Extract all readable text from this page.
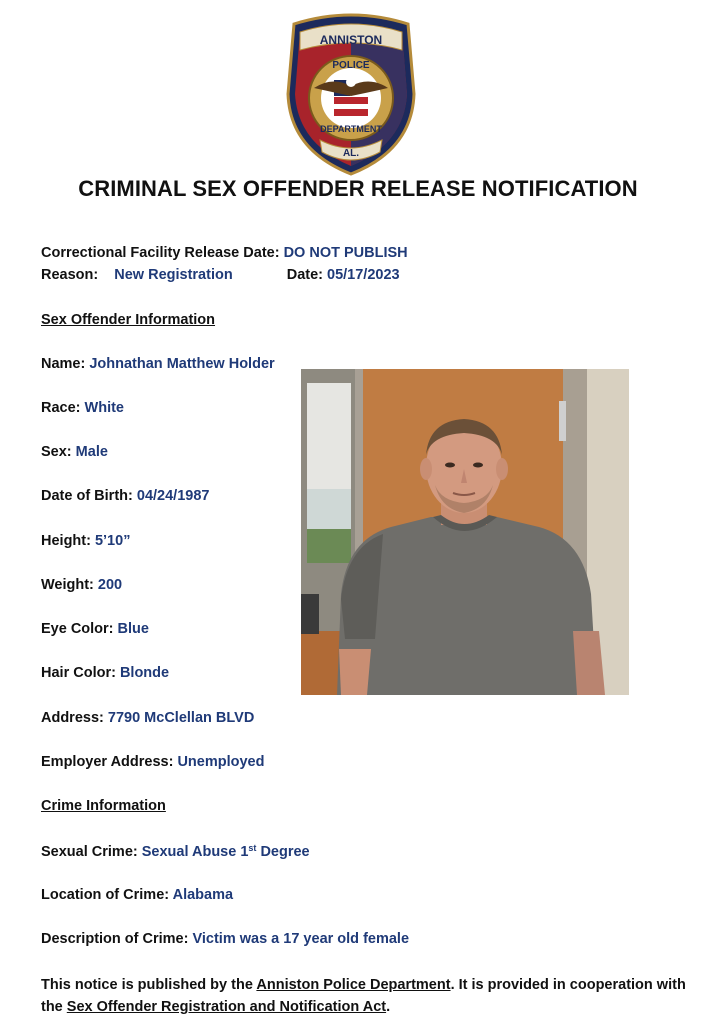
ANNISTON
POLICE
DEPARTMENT
AL.
CRIMINAL SEX OFFENDER RELEASE NOTIFICATION
Correctional Facility Release Date: DO NOT PUBLISH
Reason: New Registration	Date: 05/17/2023
Sex Offender Information
Name: Johnathan Matthew Holder
Race: White
Sex: Male
Date of Birth: 04/24/1987
Height: 5’10”
Weight: 200
Eye Color: Blue
Hair Color: Blonde
Address: 7790 McClellan BLVD
Employer Address: Unemployed
Crime Information
Sexual Crime: Sexual Abuse 1st Degree
Location of Crime: Alabama
Description of Crime: Victim was a 17 year old female
This notice is published by the Anniston Police Department. It is provided in cooperation with the Sex Offender Registration and Notification Act.
